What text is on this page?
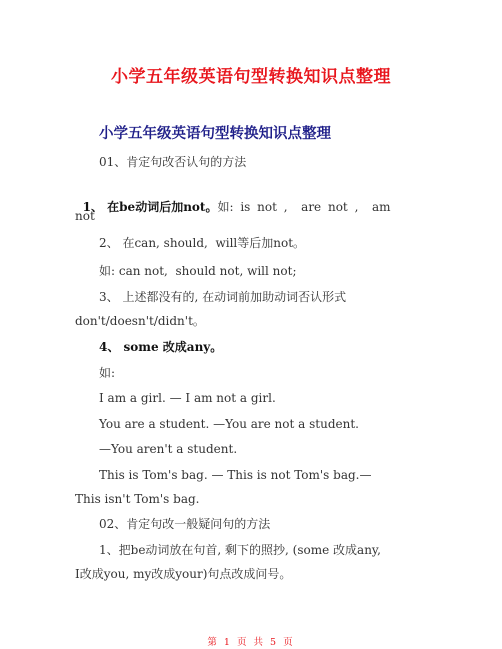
小学五年级英语句型转换知识点整理
小学五年级英语句型转换知识点整理
01、肯定句改否认句的方法

1、 在be动词后加not。如: is not ,  are not ,  am

not
2、 在can, should,  will等后加not。
如: can not,  should not, will not;
3、 上述都没有的, 在动词前加助动词否认形式
don't/doesn't/didn't。
4、 some 改成any。
如:
I am a girl. — I am not a girl.
You are a student. —You are not a student.
—You aren't a student.
This is Tom's bag. — This is not Tom's bag.—
This isn't Tom's bag.
02、肯定句改一般疑问句的方法
1、把be动词放在句首, 剩下的照抄, (some 改成any,
I改成you, my改成your)句点改成问号。
第 1 页 共 5 页
